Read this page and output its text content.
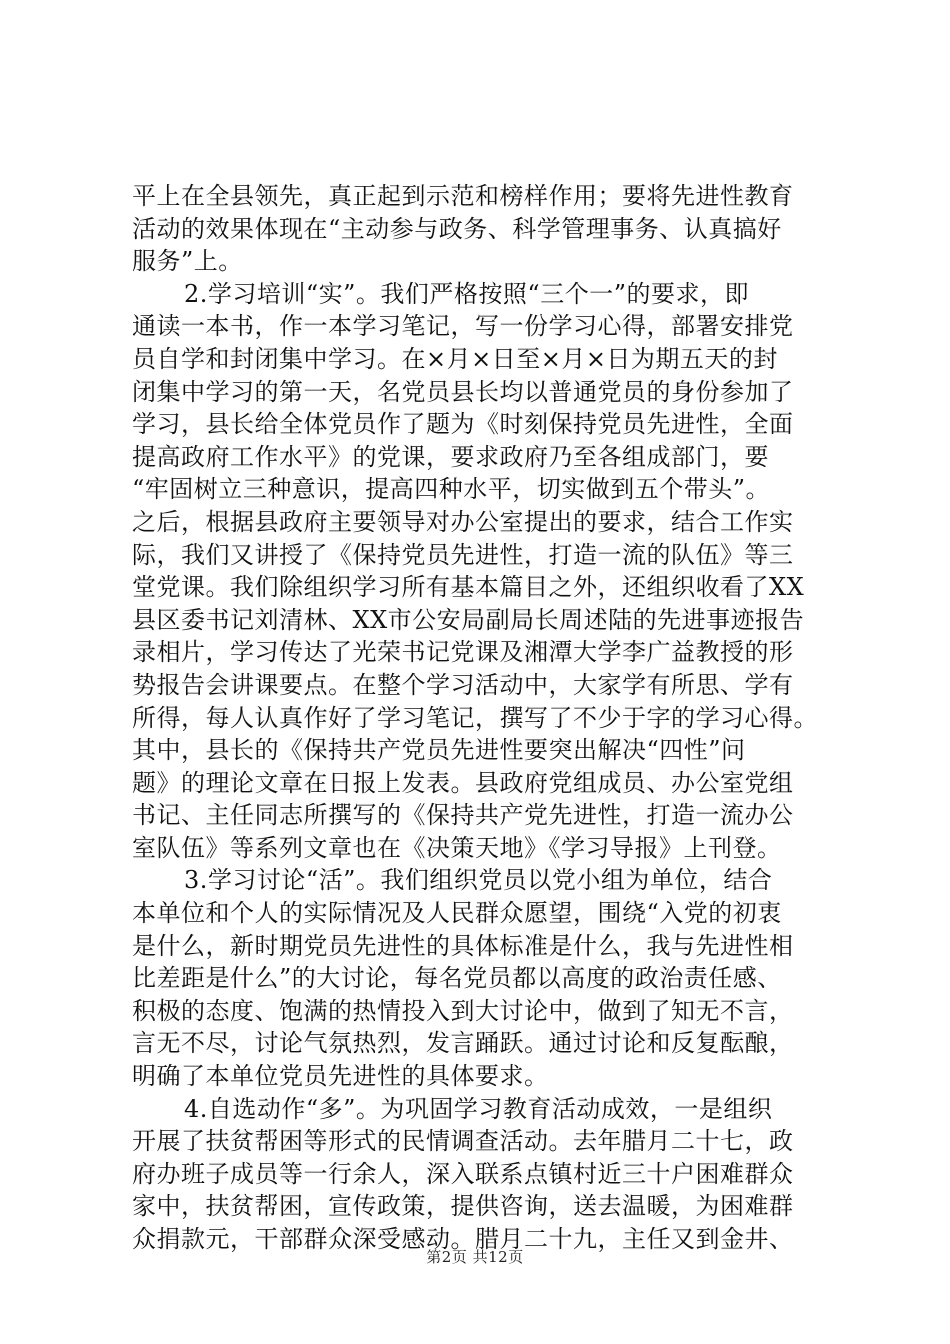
平上在全县领先，真正起到示范和榜样作用；要将先进性教育
活动的效果体现在“主动参与政务、科学管理事务、认真搞好
服务”上。
2.学习培训“实”。我们严格按照“三个一”的要求，即
通读一本书，作一本学习笔记，写一份学习心得，部署安排党
员自学和封闭集中学习。在×月×日至×月×日为期五天的封
闭集中学习的第一天，名党员县长均以普通党员的身份参加了
学习，县长给全体党员作了题为《时刻保持党员先进性，全面
提高政府工作水平》的党课，要求政府乃至各组成部门，要
“牢固树立三种意识，提高四种水平，切实做到五个带头”。
之后，根据县政府主要领导对办公室提出的要求，结合工作实
际，我们又讲授了《保持党员先进性，打造一流的队伍》等三
堂党课。我们除组织学习所有基本篇目之外，还组织收看了XX
县区委书记刘清林、XX市公安局副局长周述陆的先进事迹报告
录相片，学习传达了光荣书记党课及湘潭大学李广益教授的形
势报告会讲课要点。在整个学习活动中，大家学有所思、学有
所得，每人认真作好了学习笔记，撰写了不少于字的学习心得。
其中，县长的《保持共产党员先进性要突出解决“四性”问
题》的理论文章在日报上发表。县政府党组成员、办公室党组
书记、主任同志所撰写的《保持共产党先进性，打造一流办公
室队伍》等系列文章也在《决策天地》《学习导报》上刊登。
3.学习讨论“活”。我们组织党员以党小组为单位，结合
本单位和个人的实际情况及人民群众愿望，围绕“入党的初衷
是什么，新时期党员先进性的具体标准是什么，我与先进性相
比差距是什么”的大讨论，每名党员都以高度的政治责任感、
积极的态度、饱满的热情投入到大讨论中，做到了知无不言，
言无不尽，讨论气氛热烈，发言踊跃。通过讨论和反复酝酿，
明确了本单位党员先进性的具体要求。
4.自选动作“多”。为巩固学习教育活动成效，一是组织
开展了扶贫帮困等形式的民情调查活动。去年腊月二十七，政
府办班子成员等一行余人，深入联系点镇村近三十户困难群众
家中，扶贫帮困，宣传政策，提供咨询，送去温暖，为困难群
众捐款元，干部群众深受感动。腊月二十九，主任又到金井、
第2页 共12页
